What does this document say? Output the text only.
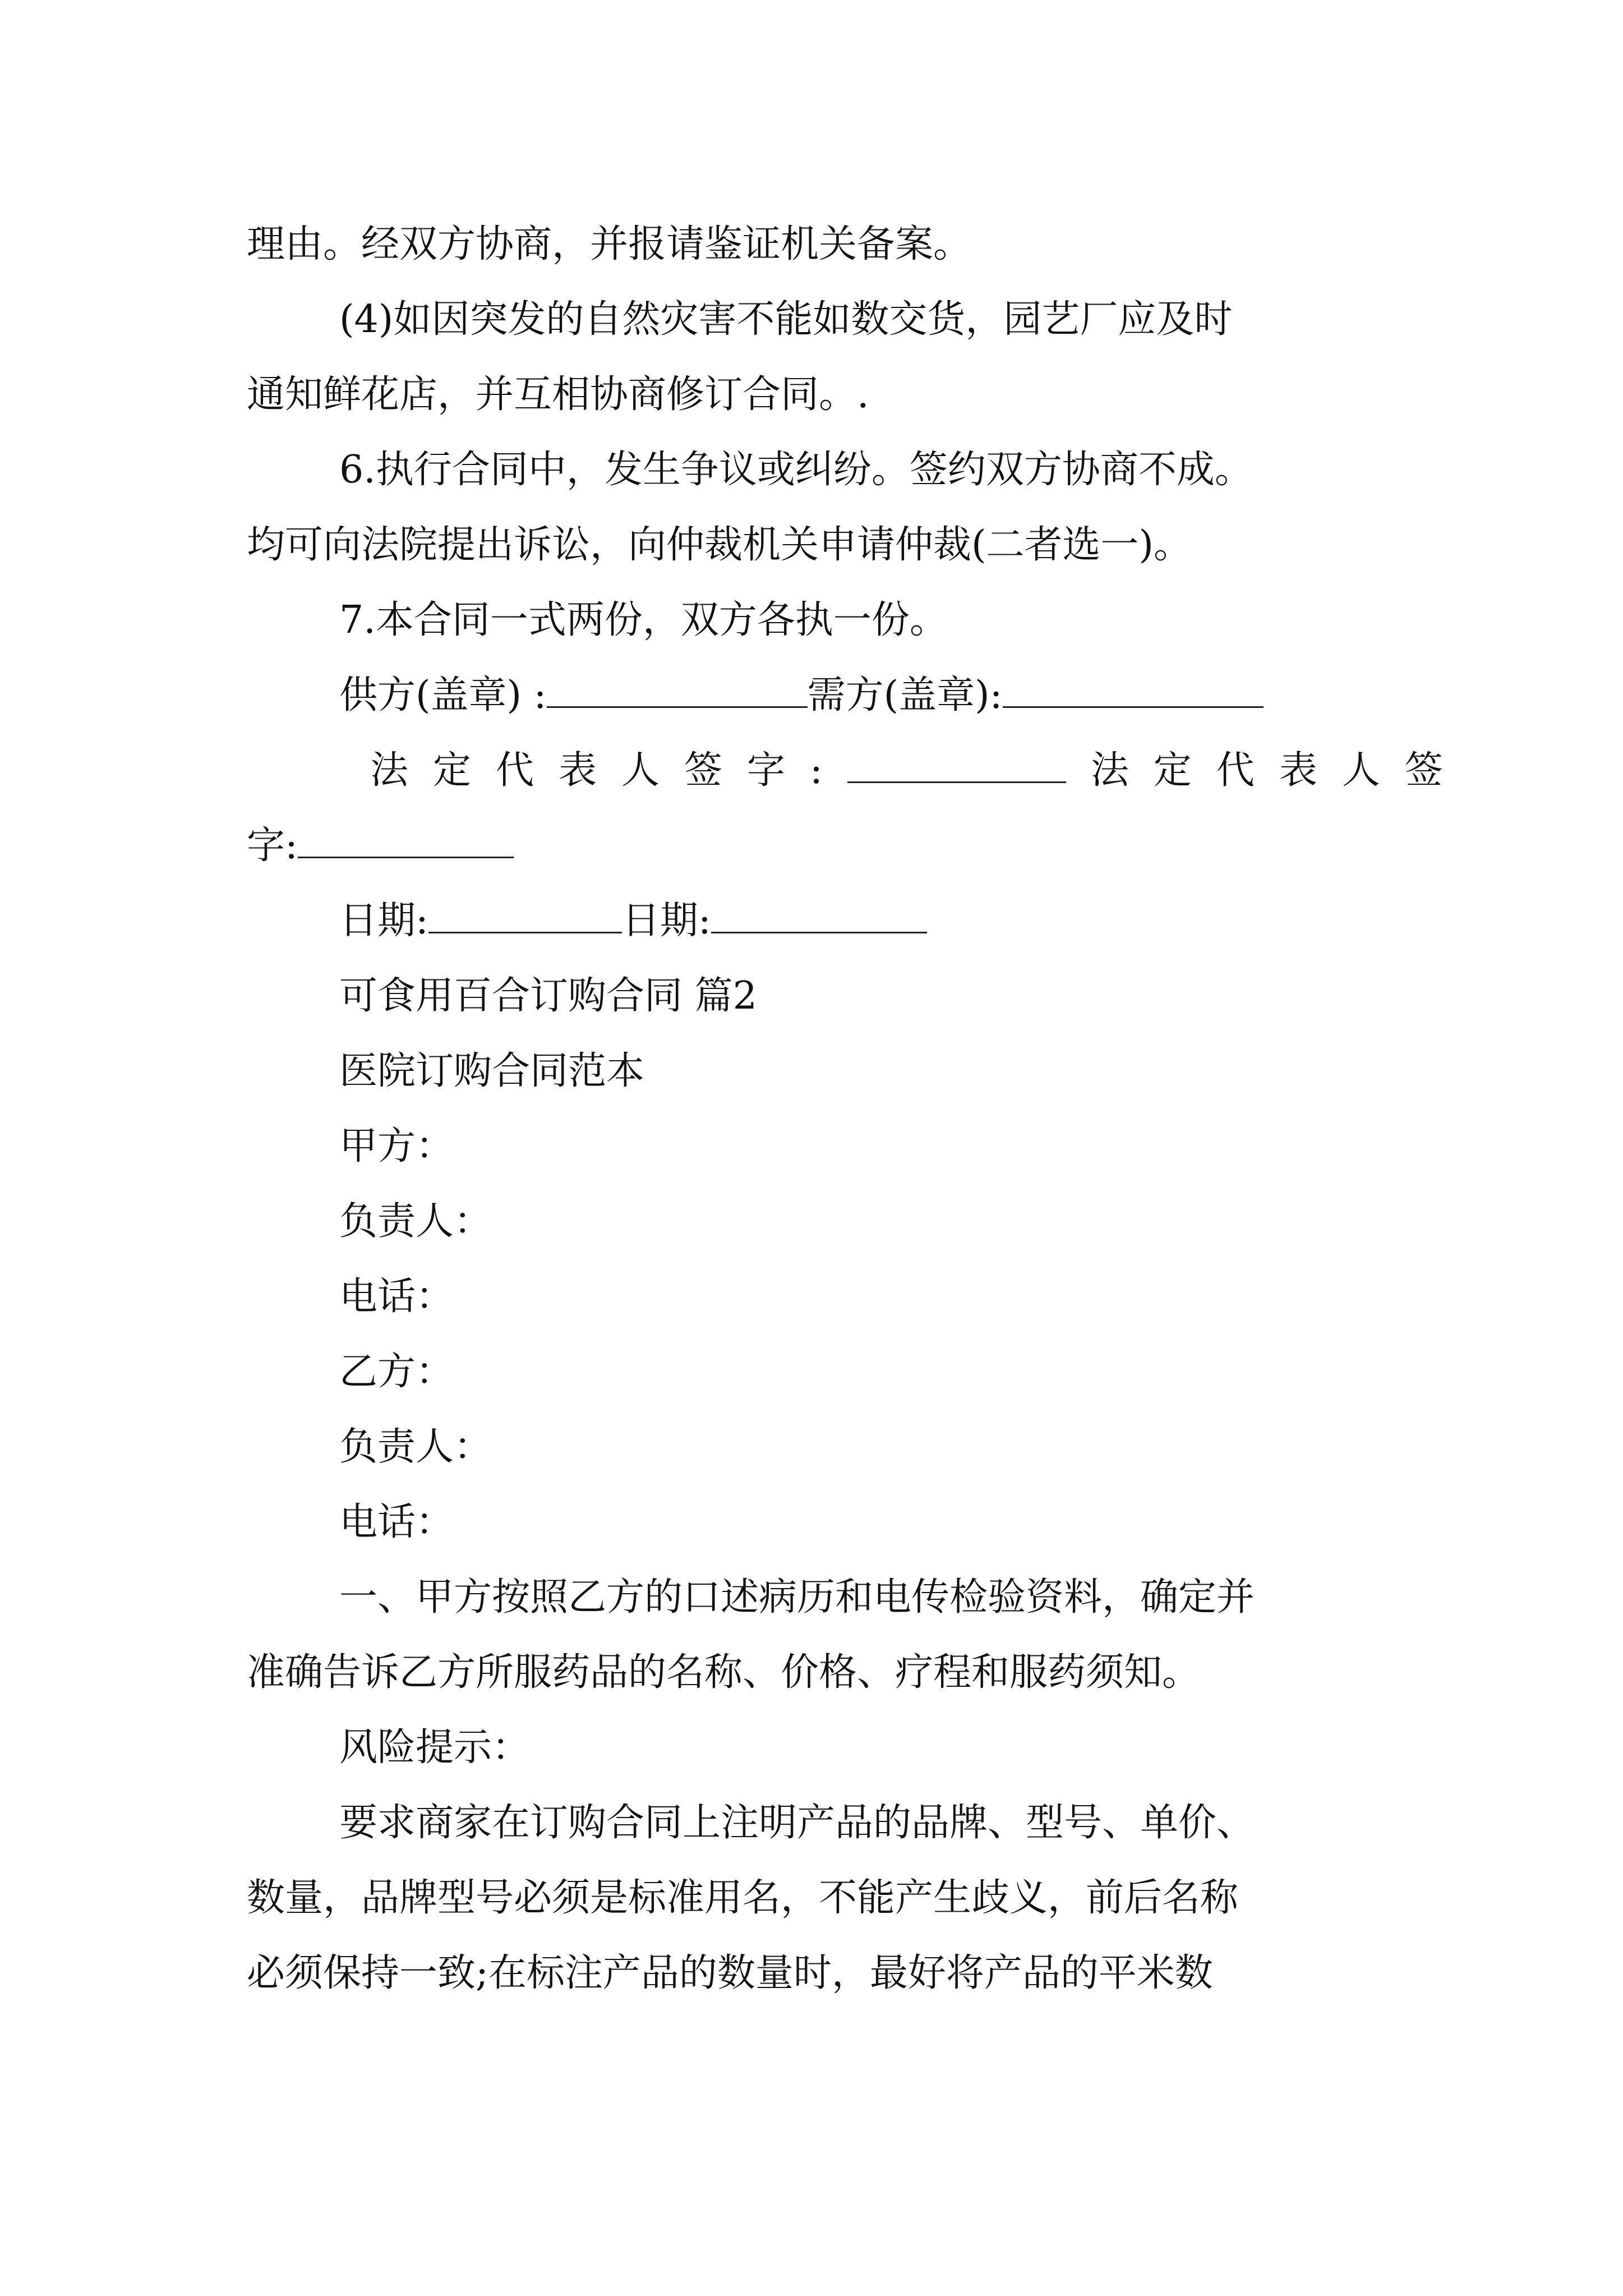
理由。经双方协商，并报请鉴证机关备案。
(4)如因突发的自然灾害不能如数交货，园艺厂应及时
通知鲜花店，并互相协商修订合同。.
6.执行合同中，发生争议或纠纷。签约双方协商不成。
均可向法院提出诉讼，向仲裁机关申请仲裁(二者选一)。
7.本合同一式两份，双方各执一份。
供方(盖章) :	需方(盖章):
法定代表人签字:	法定代表人签
字:
日期:	日期:
可食用百合订购合同 篇2
医院订购合同范本
甲方：
负责人：
电话：
乙方：
负责人：
电话：
一、甲方按照乙方的口述病历和电传检验资料，确定并
准确告诉乙方所服药品的名称、价格、疗程和服药须知。
风险提示：
要求商家在订购合同上注明产品的品牌、型号、单价、
数量，品牌型号必须是标准用名，不能产生歧义，前后名称
必须保持一致;在标注产品的数量时，最好将产品的平米数
